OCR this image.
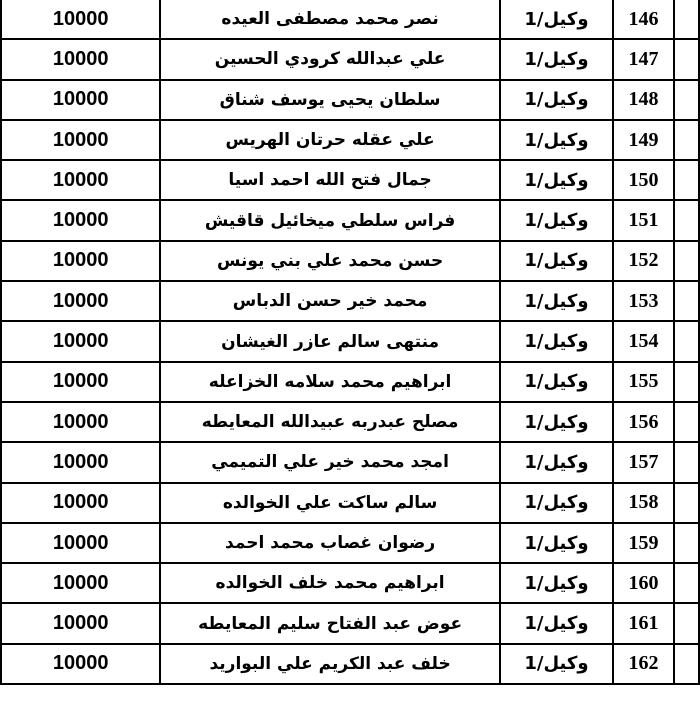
10000	نصر محمد مصطفى العيده	وكيل/1	146	
10000	علي عبدالله كرودي الحسين	وكيل/1	147	
10000	سلطان يحيى يوسف شناق	وكيل/1	148	
10000	علي عقله حرتان الهريس	وكيل/1	149	
10000	جمال فتح الله احمد اسيا	وكيل/1	150	
10000	فراس سلطي ميخائيل قاقيش	وكيل/1	151	
10000	حسن محمد علي بني يونس	وكيل/1	152	
10000	محمد خير حسن الدباس	وكيل/1	153	
10000	منتهى سالم عازر الغيشان	وكيل/1	154	
10000	ابراهيم محمد سلامه الخزاعله	وكيل/1	155	
10000	مصلح عبدربه عبيدالله المعايطه	وكيل/1	156	
10000	امجد محمد خير علي التميمي	وكيل/1	157	
10000	سالم ساكت علي الخوالده	وكيل/1	158	
10000	رضوان غصاب محمد احمد	وكيل/1	159	
10000	ابراهيم محمد خلف الخوالده	وكيل/1	160	
10000	عوض عبد الفتاح سليم المعايطه	وكيل/1	161	
10000	خلف عبد الكريم علي البواريد	وكيل/1	162	
